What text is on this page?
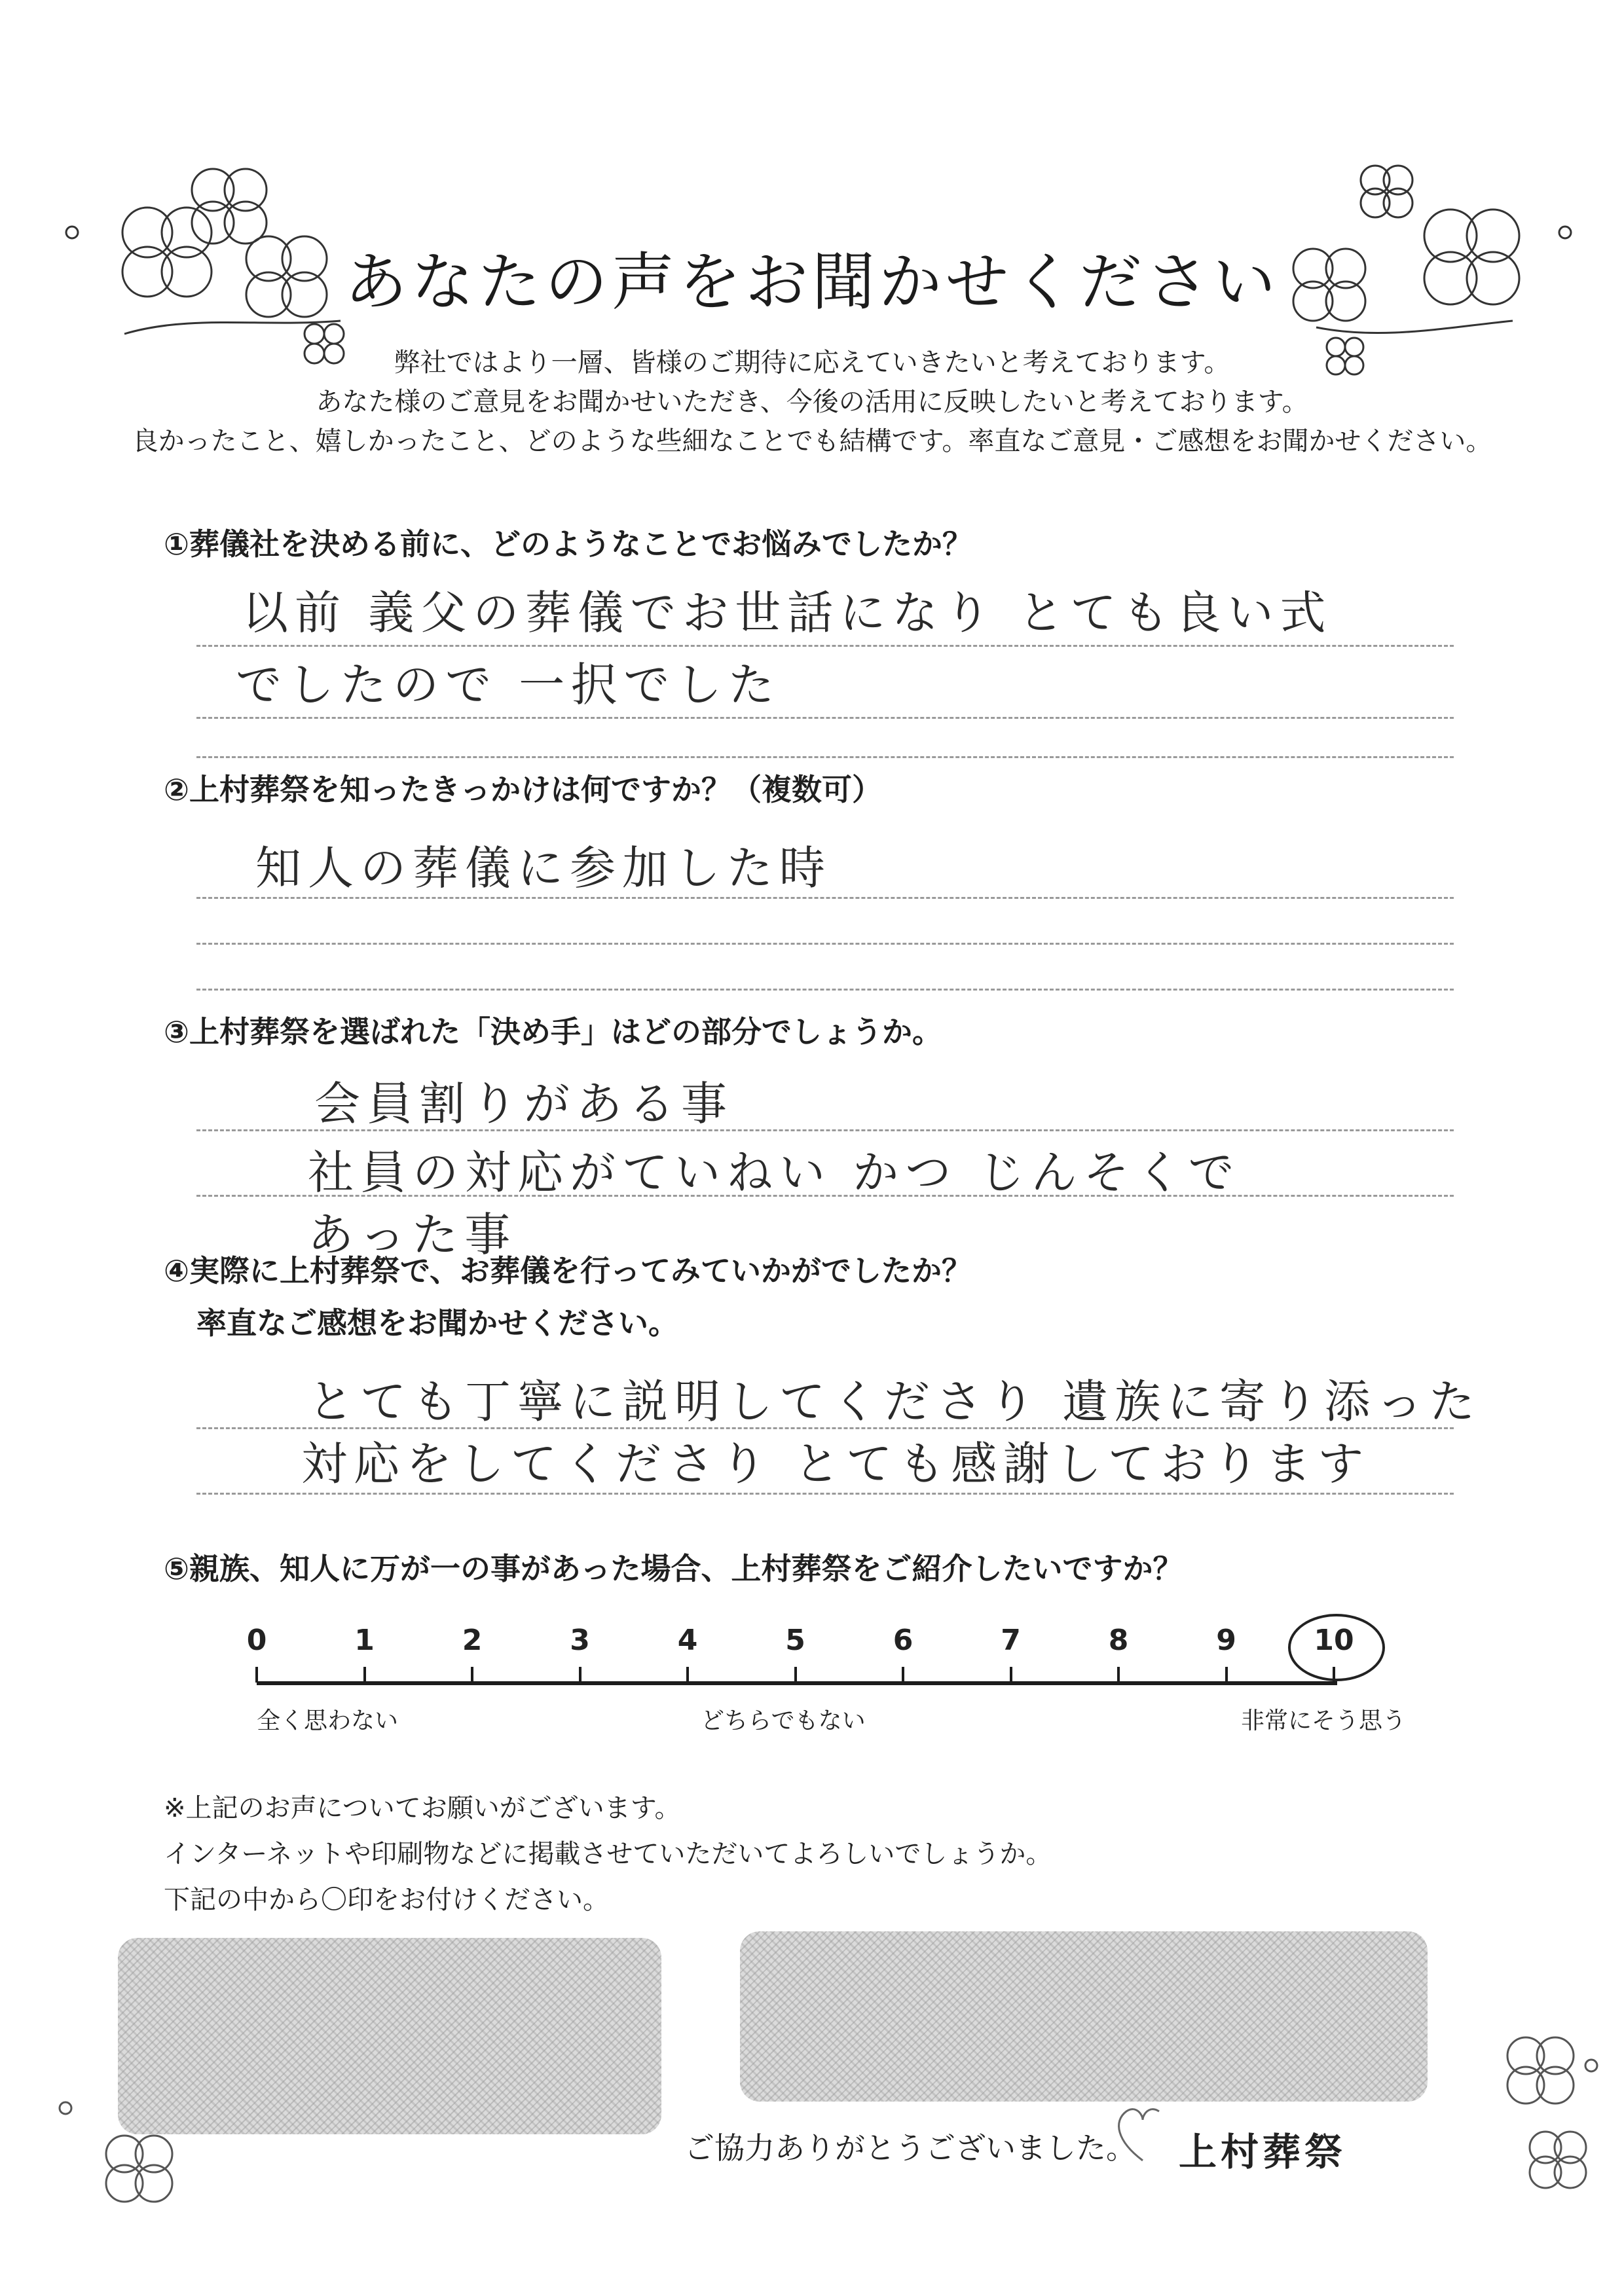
あなたの声をお聞かせください
弊社ではより一層、皆様のご期待に応えていきたいと考えております。
あなた様のご意見をお聞かせいただき、今後の活用に反映したいと考えております。
良かったこと、嬉しかったこと、どのような些細なことでも結構です。率直なご意見・ご感想をお聞かせください。
①葬儀社を決める前に、どのようなことでお悩みでしたか？
以前 義父の葬儀でお世話になり とても良い式
でしたので 一択でした
②上村葬祭を知ったきっかけは何ですか？（複数可）
知人の葬儀に参加した時
③上村葬祭を選ばれた「決め手」はどの部分でしょうか。
会員割りがある事
社員の対応がていねい かつ じんそくで
あった事
④実際に上村葬祭で、お葬儀を行ってみていかがでしたか？
率直なご感想をお聞かせください。
とても丁寧に説明してくださり 遺族に寄り添った
対応をしてくださり とても感謝しております
⑤親族、知人に万が一の事があった場合、上村葬祭をご紹介したいですか？
0	1	2	3	4	5	6	7	8	9	10
全く思わない	どちらでもない	非常にそう思う
※上記のお声についてお願いがございます。
インターネットや印刷物などに掲載させていただいてよろしいでしょうか。
下記の中から〇印をお付けください。
ご協力ありがとうございました。 上村葬祭
